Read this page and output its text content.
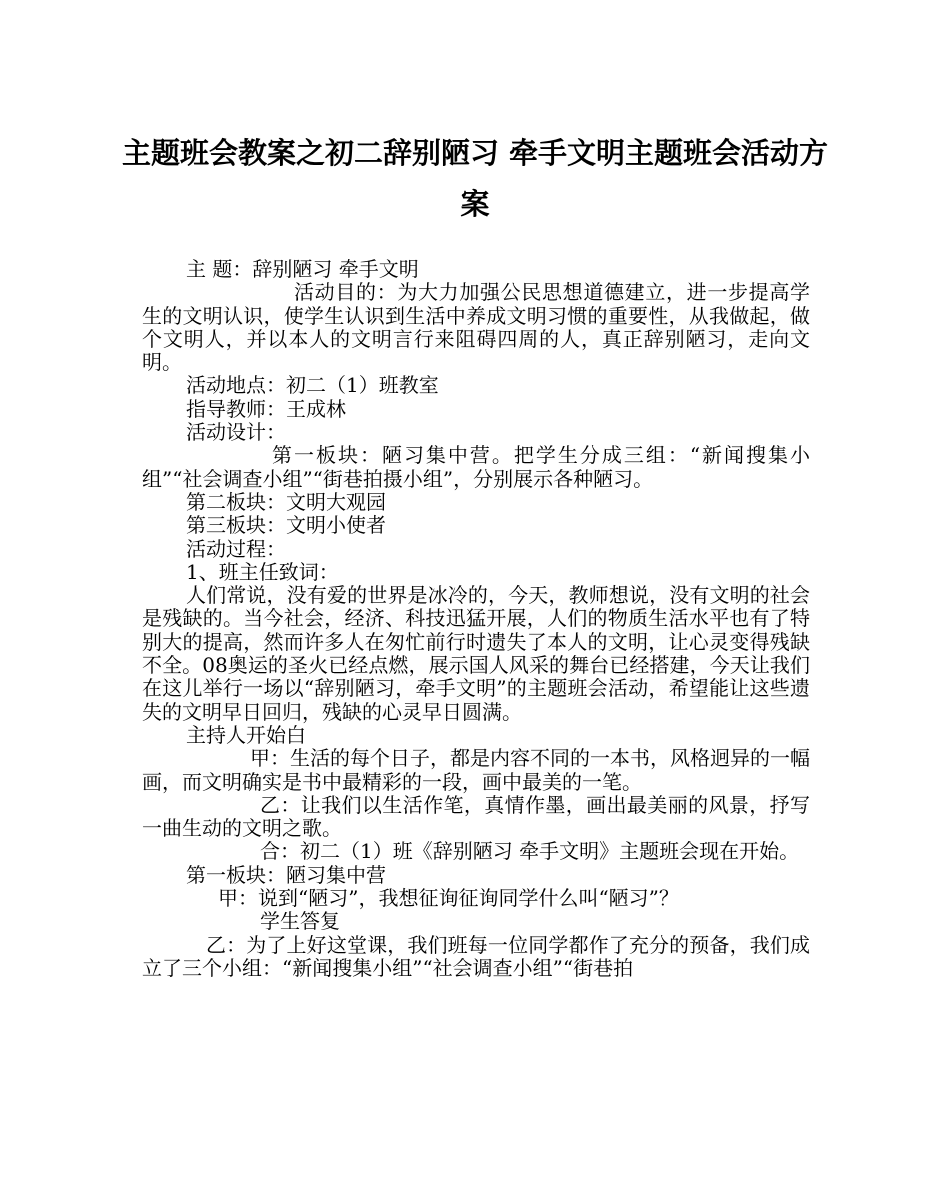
主题班会教案之初二辞别陋习 牵手文明主题班会活动方案

主 题：辞别陋习 牵手文明

活动目的：为大力加强公民思想道德建立，进一步提高学生的文明认识，使学生认识到生活中养成文明习惯的重要性，从我做起，做个文明人，并以本人的文明言行来阻碍四周的人，真正辞别陋习，走向文明。

活动地点：初二（1）班教室

指导教师：王成林

活动设计：

第一板块：陋习集中营。把学生分成三组：“新闻搜集小组”“社会调查小组”“街巷拍摄小组”，分别展示各种陋习。

第二板块：文明大观园

第三板块：文明小使者

活动过程：

1、班主任致词：

人们常说，没有爱的世界是冰冷的，今天，教师想说，没有文明的社会是残缺的。当今社会，经济、科技迅猛开展，人们的物质生活水平也有了特别大的提高，然而许多人在匆忙前行时遗失了本人的文明，让心灵变得残缺不全。08奥运的圣火已经点燃，展示国人风采的舞台已经搭建，今天让我们在这儿举行一场以“辞别陋习，牵手文明”的主题班会活动，希望能让这些遗失的文明早日回归，残缺的心灵早日圆满。

主持人开始白

甲：生活的每个日子，都是内容不同的一本书，风格迥异的一幅画，而文明确实是书中最精彩的一段，画中最美的一笔。

乙：让我们以生活作笔，真情作墨，画出最美丽的风景，抒写一曲生动的文明之歌。

合：初二（1）班《辞别陋习 牵手文明》主题班会现在开始。

第一板块：陋习集中营

甲：说到“陋习”，我想征询征询同学什么叫“陋习”？

学生答复

乙：为了上好这堂课，我们班每一位同学都作了充分的预备，我们成立了三个小组：“新闻搜集小组”“社会调查小组”“街巷拍
